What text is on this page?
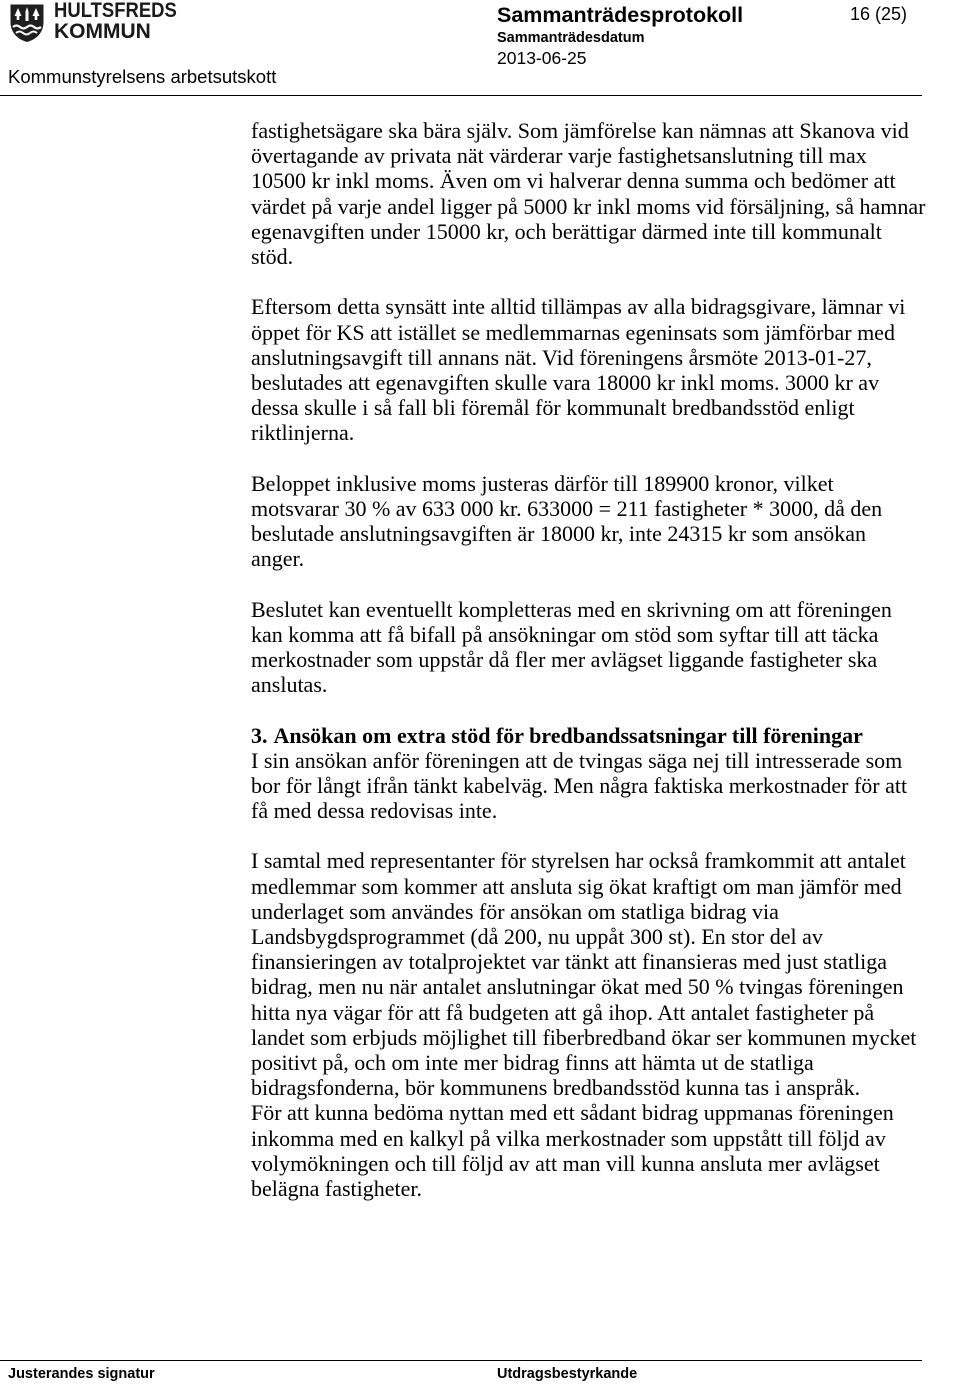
HULTSFREDS
KOMMUN
Sammanträdesprotokoll	16 (25)
Sammanträdesdatum
2013-06-25
Kommunstyrelsens arbetsutskott
fastighetsägare ska bära själv. Som jämförelse kan nämnas att Skanova vid
övertagande av privata nät värderar varje fastighetsanslutning till max
10500 kr inkl moms. Även om vi halverar denna summa och bedömer att
värdet på varje andel ligger på 5000 kr inkl moms vid försäljning, så hamnar
egenavgiften under 15000 kr, och berättigar därmed inte till kommunalt
stöd.
Eftersom detta synsätt inte alltid tillämpas av alla bidragsgivare, lämnar vi
öppet för KS att istället se medlemmarnas egeninsats som jämförbar med
anslutningsavgift till annans nät. Vid föreningens årsmöte 2013-01-27,
beslutades att egenavgiften skulle vara 18000 kr inkl moms. 3000 kr av
dessa skulle i så fall bli föremål för kommunalt bredbandsstöd enligt
riktlinjerna.
Beloppet inklusive moms justeras därför till 189900 kronor, vilket
motsvarar 30 % av 633 000 kr. 633000 = 211 fastigheter * 3000, då den
beslutade anslutningsavgiften är 18000 kr, inte 24315 kr som ansökan
anger.
Beslutet kan eventuellt kompletteras med en skrivning om att föreningen
kan komma att få bifall på ansökningar om stöd som syftar till att täcka
merkostnader som uppstår då fler mer avlägset liggande fastigheter ska
anslutas.
3. Ansökan om extra stöd för bredbandssatsningar till föreningar
I sin ansökan anför föreningen att de tvingas säga nej till intresserade som
bor för långt ifrån tänkt kabelväg. Men några faktiska merkostnader för att
få med dessa redovisas inte.
I samtal med representanter för styrelsen har också framkommit att antalet
medlemmar som kommer att ansluta sig ökat kraftigt om man jämför med
underlaget som användes för ansökan om statliga bidrag via
Landsbygdsprogrammet (då 200, nu uppåt 300 st). En stor del av
finansieringen av totalprojektet var tänkt att finansieras med just statliga
bidrag, men nu när antalet anslutningar ökat med 50 % tvingas föreningen
hitta nya vägar för att få budgeten att gå ihop. Att antalet fastigheter på
landet som erbjuds möjlighet till fiberbredband ökar ser kommunen mycket
positivt på, och om inte mer bidrag finns att hämta ut de statliga
bidragsfonderna, bör kommunens bredbandsstöd kunna tas i anspråk.
För att kunna bedöma nyttan med ett sådant bidrag uppmanas föreningen
inkomma med en kalkyl på vilka merkostnader som uppstått till följd av
volymökningen och till följd av att man vill kunna ansluta mer avlägset
belägna fastigheter.
Justerandes signatur	Utdragsbestyrkande
